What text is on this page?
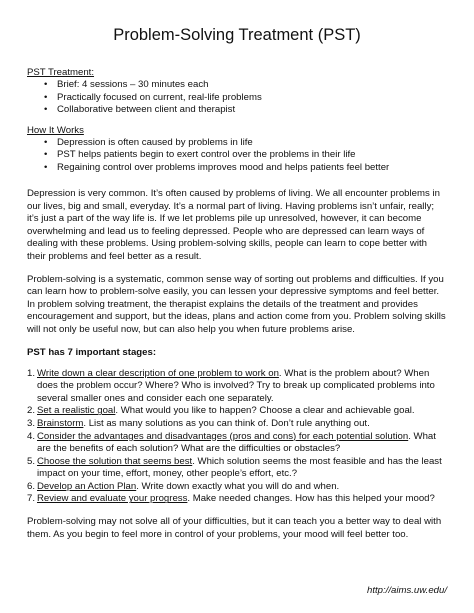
Problem-Solving Treatment (PST)
PST Treatment:
• Brief: 4 sessions – 30 minutes each
• Practically focused on current, real-life problems
• Collaborative between client and therapist
How It Works
• Depression is often caused by problems in life
• PST helps patients begin to exert control over the problems in their life
• Regaining control over problems improves mood and helps patients feel better

Depression is very common. It’s often caused by problems of living. We all encounter problems in our lives, big and small, everyday. It’s a normal part of living. Having problems isn’t unfair, really; it’s just a part of the way life is. If we let problems pile up unresolved, however, it can become overwhelming and lead us to feeling depressed. People who are depressed can learn ways of dealing with these problems. Using problem-solving skills, people can learn to cope better with their problems and feel better as a result.

Problem-solving is a systematic, common sense way of sorting out problems and difficulties. If you can learn how to problem-solve easily, you can lessen your depressive symptoms and feel better. In problem solving treatment, the therapist explains the details of the treatment and provides encouragement and support, but the ideas, plans and action come from you. Problem solving skills will not only be useful now, but can also help you when future problems arise.

PST has 7 important stages:
1. Write down a clear description of one problem to work on. What is the problem about? When does the problem occur? Where? Who is involved? Try to break up complicated problems into several smaller ones and consider each one separately.
2. Set a realistic goal. What would you like to happen? Choose a clear and achievable goal.
3. Brainstorm. List as many solutions as you can think of. Don’t rule anything out.
4. Consider the advantages and disadvantages (pros and cons) for each potential solution. What are the benefits of each solution? What are the difficulties or obstacles?
5. Choose the solution that seems best. Which solution seems the most feasible and has the least impact on your time, effort, money, other people’s effort, etc.?
6. Develop an Action Plan. Write down exactly what you will do and when.
7. Review and evaluate your progress. Make needed changes. How has this helped your mood?

Problem-solving may not solve all of your difficulties, but it can teach you a better way to deal with them. As you begin to feel more in control of your problems, your mood will feel better too.

http://aims.uw.edu/
